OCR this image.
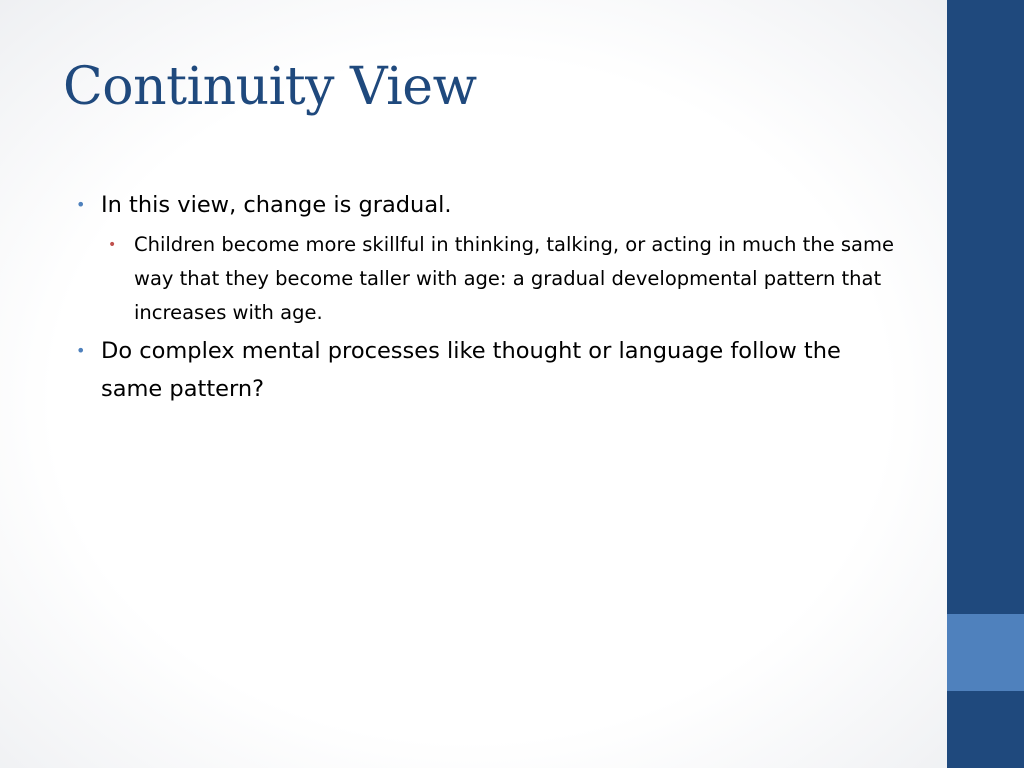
Continuity View
• In this view, change is gradual.
• Children become more skillful in thinking, talking, or acting in much the same way that they become taller with age: a gradual developmental pattern that increases with age.
• Do complex mental processes like thought or language follow the same pattern?
